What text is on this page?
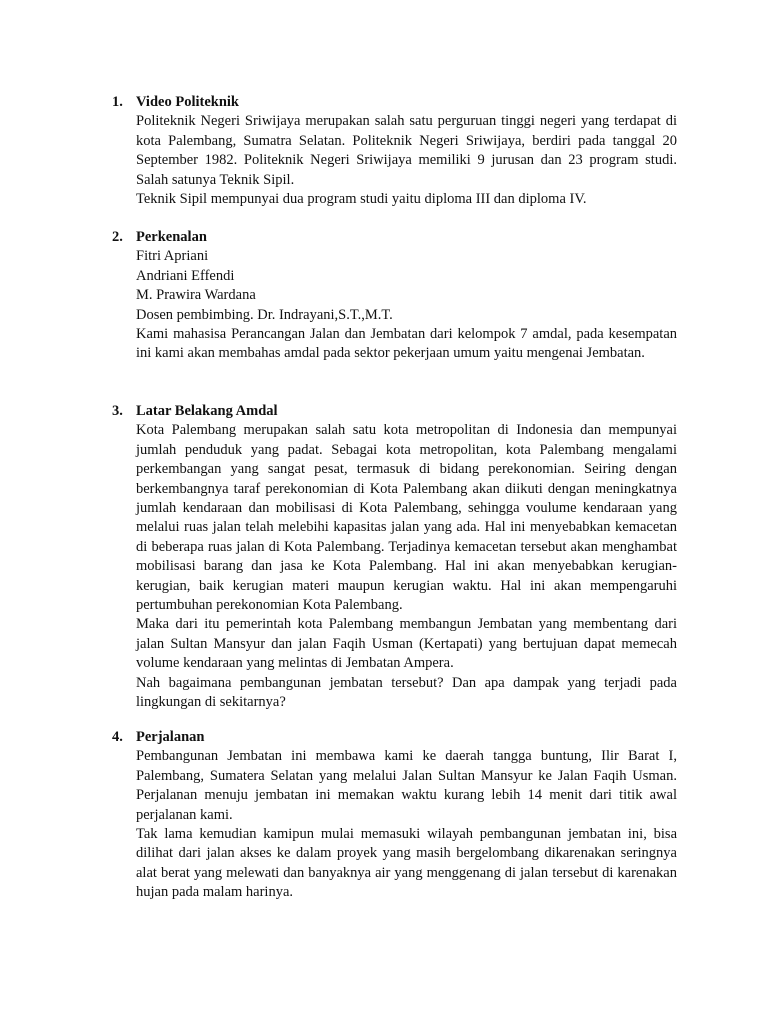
1. Video Politeknik

Politeknik Negeri Sriwijaya merupakan salah satu perguruan tinggi negeri yang terdapat di kota Palembang, Sumatra Selatan. Politeknik Negeri Sriwijaya, berdiri pada tanggal 20 September 1982. Politeknik Negeri Sriwijaya memiliki 9 jurusan dan 23 program studi. Salah satunya Teknik Sipil.

Teknik Sipil mempunyai dua program studi yaitu diploma III dan diploma IV.

2. Perkenalan
Fitri Apriani
Andriani Effendi
M. Prawira Wardana
Dosen pembimbing. Dr. Indrayani,S.T.,M.T.

Kami mahasisa Perancangan Jalan dan Jembatan dari kelompok 7 amdal, pada kesempatan ini kami akan membahas amdal pada sektor pekerjaan umum yaitu mengenai Jembatan.

3. Latar Belakang Amdal

Kota Palembang merupakan salah satu kota metropolitan di Indonesia dan mempunyai jumlah penduduk yang padat. Sebagai kota metropolitan, kota Palembang mengalami perkembangan yang sangat pesat, termasuk di bidang perekonomian. Seiring dengan berkembangnya taraf perekonomian di Kota Palembang akan diikuti dengan meningkatnya jumlah kendaraan dan mobilisasi di Kota Palembang, sehingga voulume kendaraan yang melalui ruas jalan telah melebihi kapasitas jalan yang ada. Hal ini menyebabkan kemacetan di beberapa ruas jalan di Kota Palembang. Terjadinya kemacetan tersebut akan menghambat mobilisasi barang dan jasa ke Kota Palembang. Hal ini akan menyebabkan kerugian-kerugian, baik kerugian materi maupun kerugian waktu. Hal ini akan mempengaruhi pertumbuhan perekonomian Kota Palembang.

Maka dari itu pemerintah kota Palembang membangun Jembatan yang membentang dari jalan Sultan Mansyur dan jalan Faqih Usman (Kertapati) yang bertujuan dapat memecah volume kendaraan yang melintas di Jembatan Ampera.

Nah bagaimana pembangunan jembatan tersebut? Dan apa dampak yang terjadi pada lingkungan di sekitarnya?

4. Perjalanan

Pembangunan Jembatan ini membawa kami ke daerah tangga buntung, Ilir Barat I, Palembang, Sumatera Selatan yang melalui Jalan Sultan Mansyur ke Jalan Faqih Usman. Perjalanan menuju jembatan ini memakan waktu kurang lebih 14 menit dari titik awal perjalanan kami.

Tak lama kemudian kamipun mulai memasuki wilayah pembangunan jembatan ini, bisa dilihat dari jalan akses ke dalam proyek yang masih bergelombang dikarenakan seringnya alat berat yang melewati dan banyaknya air yang menggenang di jalan tersebut di karenakan hujan pada malam harinya.
